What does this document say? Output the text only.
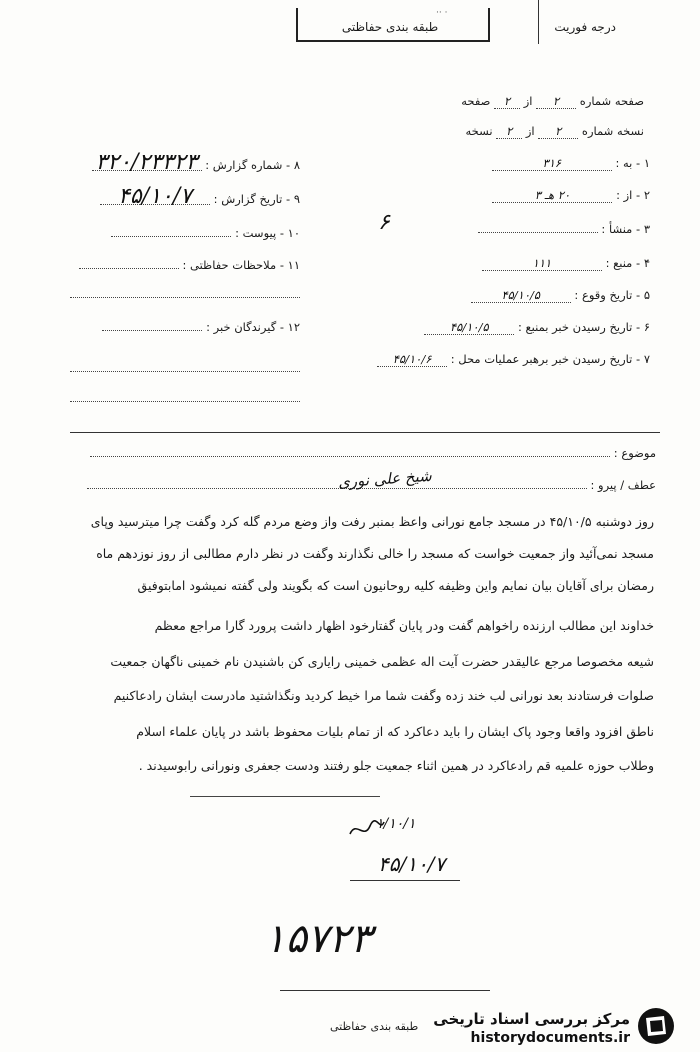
طبقه بندی حفاظتی
·· ·
درجه فوریت
صفحه شماره ۲ از ۲ صفحه
نسخه شماره ۲ از ۲ نسخه
۱ - به : ۳۱۶
۲ - از : ۲۰ هـ ۳
۳ - منشأ :
۴ - منبع : ۱۱۱
۵ - تاریخ وقوع : ۴۵/۱۰/۵
۶ - تاریخ رسیدن خبر بمنبع : ۴۵/۱۰/۵
۷ - تاریخ رسیدن خبر برهبر عملیات محل : ۴۵/۱۰/۶
۸ - شماره گزارش : ۳۲۰/۲۳۳۲۳
۹ - تاریخ گزارش : ۴۵/۱۰/۷
۱۰ - پیوست :
۱۱ - ملاحظات حفاظتی :
۱۲ - گیرندگان خبر :
۶
موضوع :
عطف / پیرو :
شیخ علی نوری
روز دوشنبه ۴۵/۱۰/۵ در مسجد جامع نورانی واعظ بمنبر رفت واز وضع مردم گله کرد وگفت چرا میترسید وپای
مسجد نمی‌آئید واز جمعیت خواست که مسجد را خالی نگذارند وگفت در نظر دارم مطالبی از روز نوزدهم ماه
رمضان برای آقایان بیان نمایم واین وظیفه کلیه روحانیون است که بگویند ولی گفته نمیشود امابتوفیق
خداوند این مطالب ارزنده راخواهم گفت ودر پایان گفتارخود اظهار داشت پرورد گارا مراجع معظم
شیعه مخصوصا مرجع عالیقدر حضرت آیت اله عظمی خمینی رایاری کن باشنیدن نام خمینی ناگهان جمعیت
صلوات فرستادند بعد نورانی لب خند زده وگفت شما مرا خیط کردید ونگذاشتید مادرست ایشان رادعاکنیم
ناطق افزود واقعا وجود پاک ایشان را باید دعاکرد که از تمام بلیات محفوظ باشد در پایان علماء اسلام
وطلاب حوزه علمیه قم رادعاکرد در همین اثناء جمعیت جلو رفتند ودست جعفری ونورانی رابوسیدند .
۱/۱۰/۱
۴۵/۱۰/۷
۱۵۷۲۳
طبقه بندی حفاظتی مرکز بررسی اسناد تاریخی
historydocuments.ir
